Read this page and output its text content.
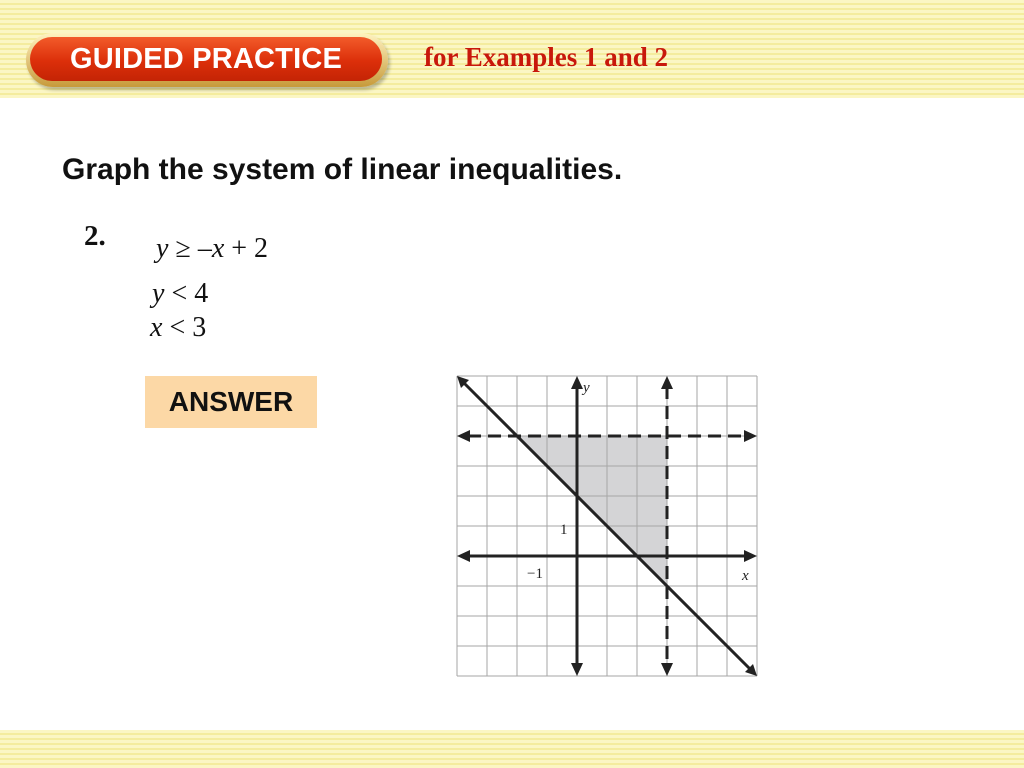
GUIDED PRACTICE	for Examples 1 and 2
Graph the system of linear inequalities.
2. y ≥ –x + 2
y < 4
x < 3
ANSWER	y
x
1
−1
